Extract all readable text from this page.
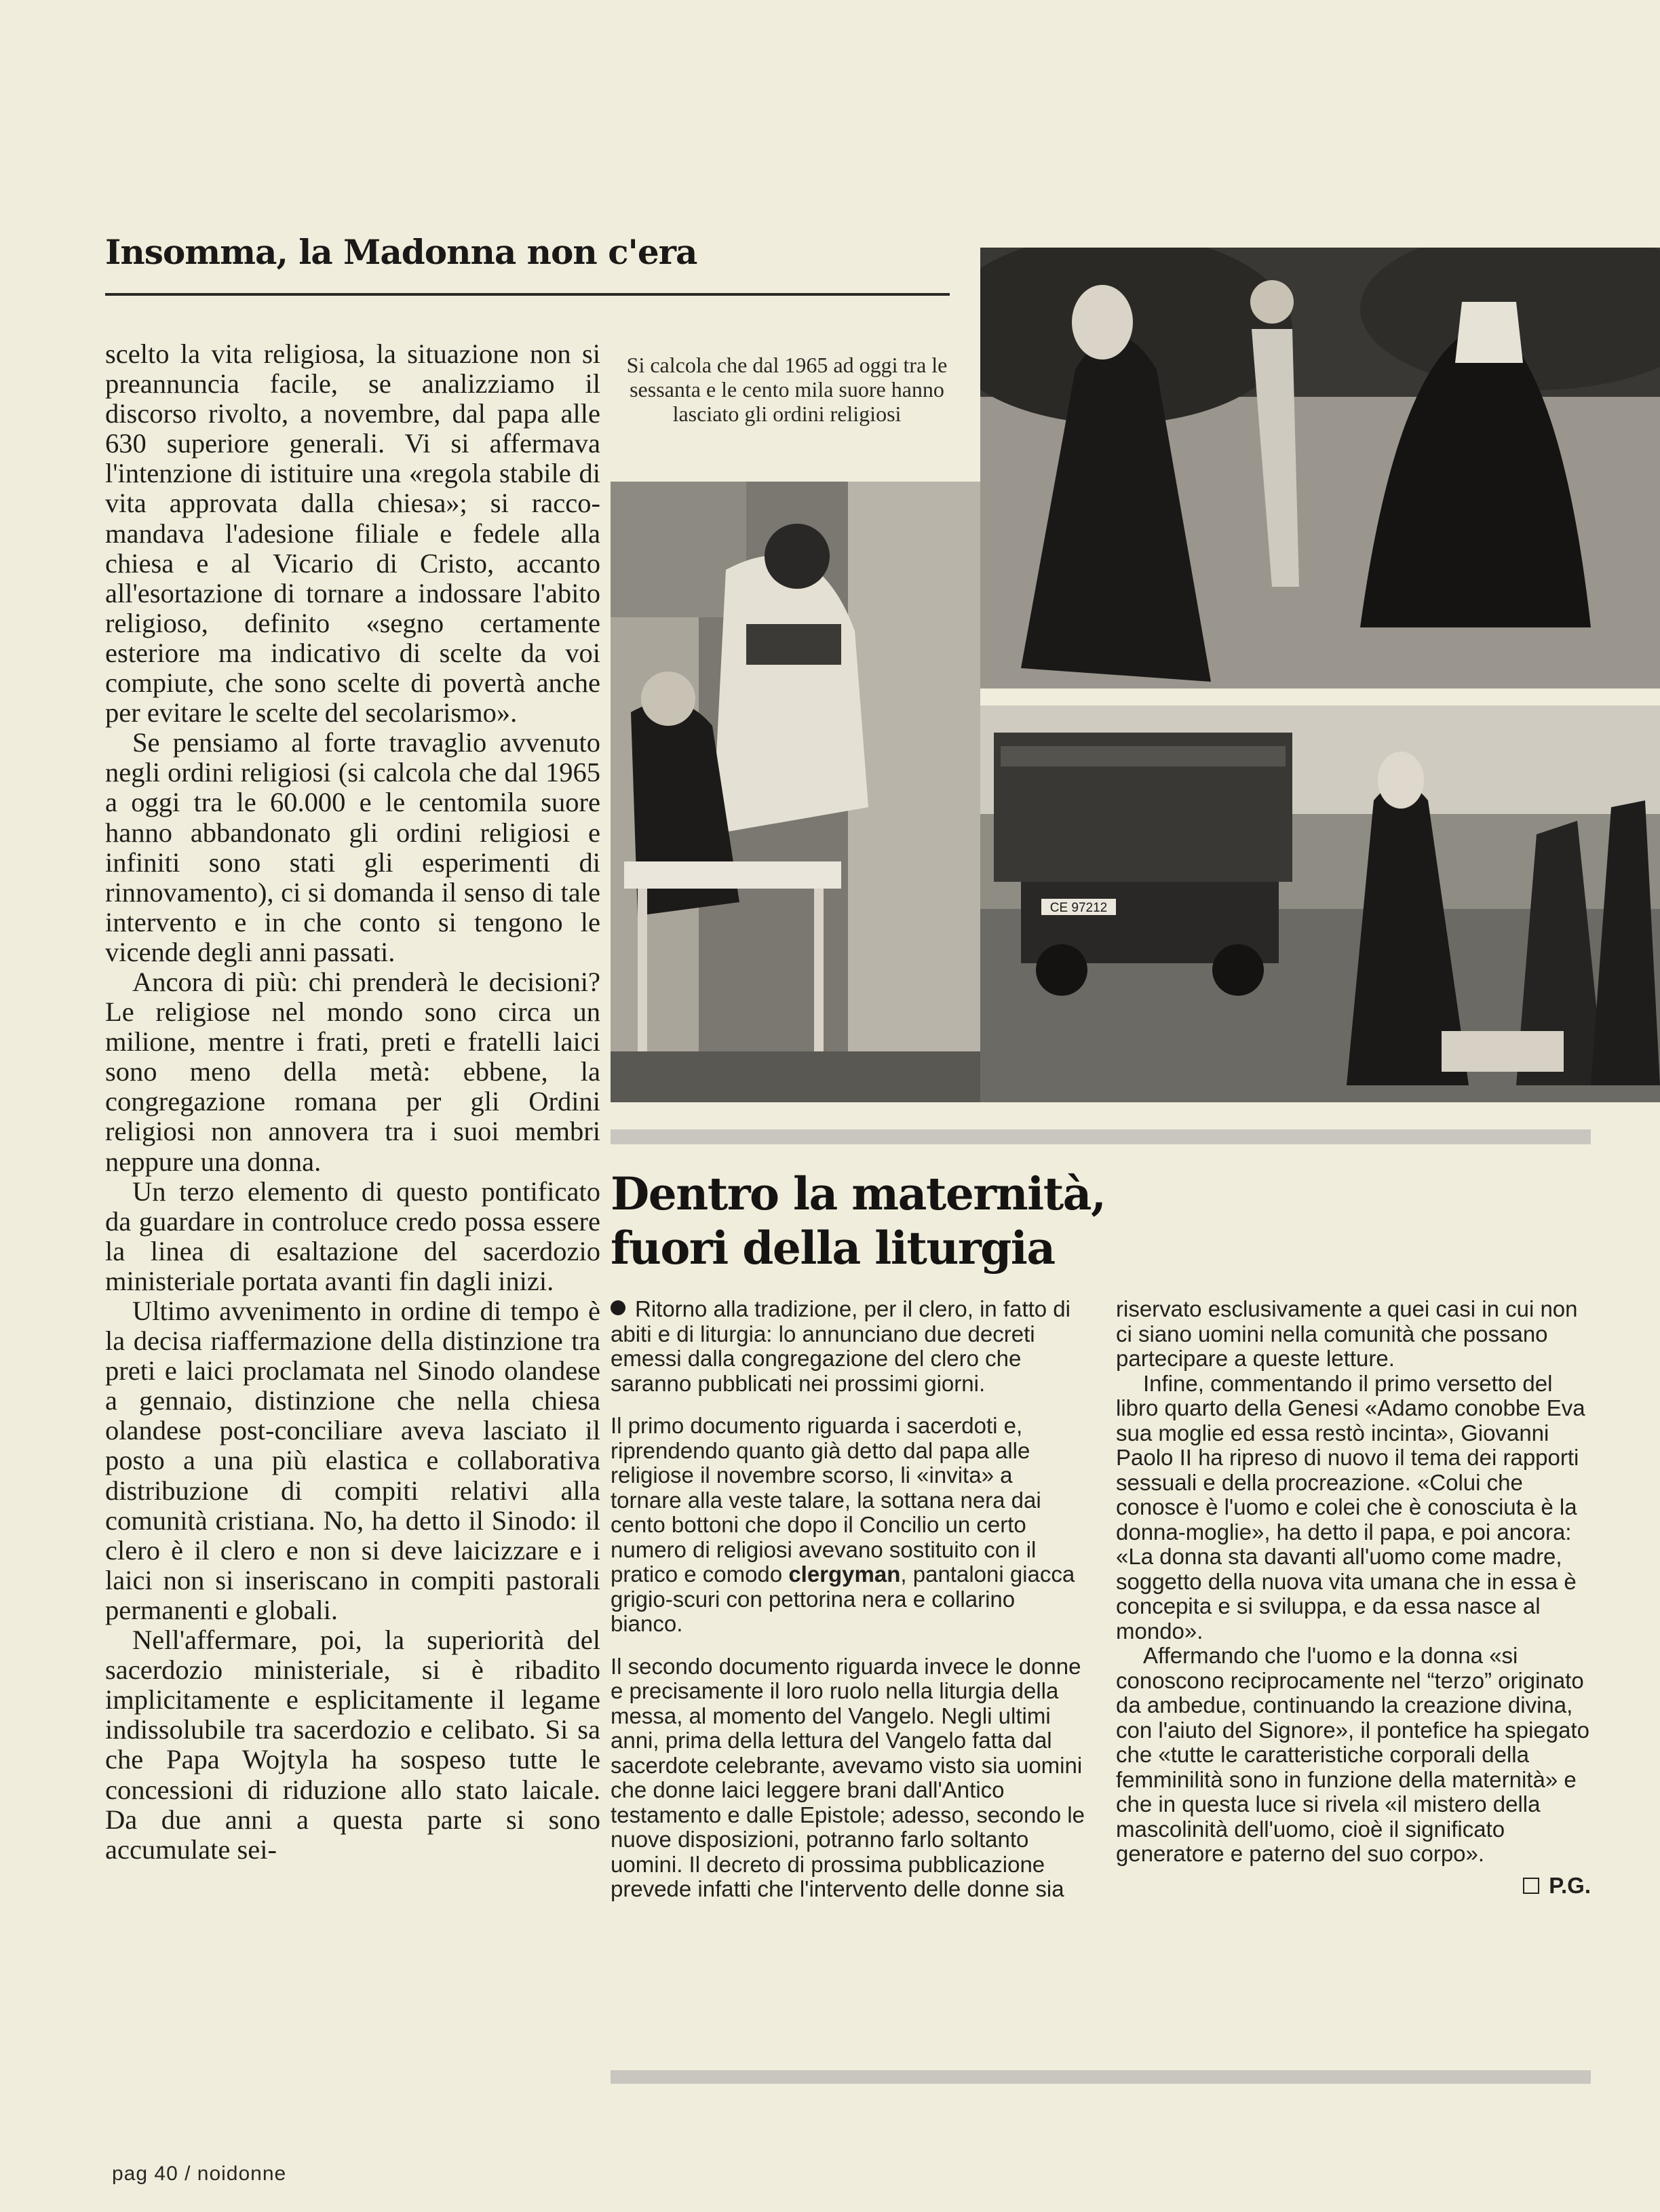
Insomma, la Madonna non c'era

scelto la vita religiosa, la situazione non si preannuncia facile, se analizziamo il discorso rivolto, a novembre, dal papa alle 630 superiore generali. Vi si affermava l'intenzione di istituire una «regola stabile di vita approvata dalla chiesa»; si raccomandava l'adesione filiale e fedele alla chiesa e al Vicario di Cristo, accanto all'esortazione di tornare a indossare l'abito religioso, definito «segno certamente esteriore ma indicativo di scelte da voi compiute, che sono scelte di povertà anche per evitare le scelte del secolarismo».

Se pensiamo al forte travaglio avvenuto negli ordini religiosi (si calcola che dal 1965 a oggi tra le 60.000 e le centomila suore hanno abbandonato gli ordini religiosi e infiniti sono stati gli esperimenti di rinnovamento), ci si domanda il senso di tale intervento e in che conto si tengono le vicende degli anni passati.

Ancora di più: chi prenderà le decisioni? Le religiose nel mondo sono circa un milione, mentre i frati, preti e fratelli laici sono meno della metà: ebbene, la congregazione romana per gli Ordini religiosi non annovera tra i suoi membri neppure una donna.

Un terzo elemento di questo pontificato da guardare in controluce credo possa essere la linea di esaltazione del sacerdozio ministeriale portata avanti fin dagli inizi.

Ultimo avvenimento in ordine di tempo è la decisa riaffermazione della distinzione tra preti e laici proclamata nel Sinodo olandese a gennaio, distinzione che nella chiesa olandese post-conciliare aveva lasciato il posto a una più elastica e collaborativa distribuzione di compiti relativi alla comunità cristiana. No, ha detto il Sinodo: il clero è il clero e non si deve laicizzare e i laici non si inseriscano in compiti pastorali permanenti e globali.

Nell'affermare, poi, la superiorità del sacerdozio ministeriale, si è ribadito implicitamente e esplicitamente il legame indissolubile tra sacerdozio e celibato. Si sa che Papa Wojtyla ha sospeso tutte le concessioni di riduzione allo stato laicale. Da due anni a questa parte si sono accumulate sei-

Si calcola che dal 1965 ad oggi tra le sessanta e le cento mila suore hanno lasciato gli ordini religiosi
CE 97212
Dentro la maternità,
fuori della liturgia

Ritorno alla tradizione, per il clero, in fatto di abiti e di liturgia: lo annunciano due decreti emessi dalla congregazione del clero che saranno pubblicati nei prossimi giorni.

Il primo documento riguarda i sacerdoti e, riprendendo quanto già detto dal papa alle religiose il novembre scorso, li «invita» a tornare alla veste talare, la sottana nera dai cento bottoni che dopo il Concilio un certo numero di religiosi avevano sostituito con il pratico e comodo clergyman, pantaloni giacca grigio-scuri con pettorina nera e collarino bianco.

Il secondo documento riguarda invece le donne e precisamente il loro ruolo nella liturgia della messa, al momento del Vangelo. Negli ultimi anni, prima della lettura del Vangelo fatta dal sacerdote celebrante, avevamo visto sia uomini che donne laici leggere brani dall'Antico testamento e dalle Epistole; adesso, secondo le nuove disposizioni, potranno farlo soltanto uomini. Il decreto di prossima pubblicazione prevede infatti che l'intervento delle donne sia

riservato esclusivamente a quei casi in cui non ci siano uomini nella comunità che possano partecipare a queste letture.

Infine, commentando il primo versetto del libro quarto della Genesi «Adamo conobbe Eva sua moglie ed essa restò incinta», Giovanni Paolo II ha ripreso di nuovo il tema dei rapporti sessuali e della procreazione. «Colui che conosce è l'uomo e colei che è conosciuta è la donna-moglie», ha detto il papa, e poi ancora: «La donna sta davanti all'uomo come madre, soggetto della nuova vita umana che in essa è concepita e si sviluppa, e da essa nasce al mondo».

Affermando che l'uomo e la donna «si conoscono reciprocamente nel “terzo” originato da ambedue, continuando la creazione divina, con l'aiuto del Signore», il pontefice ha spiegato che «tutte le caratteristiche corporali della femminilità sono in funzione della maternità» e che in questa luce si rivela «il mistero della mascolinità dell'uomo, cioè il significato generatore e paterno del suo corpo».

P.G.

pag 40 / noidonne
